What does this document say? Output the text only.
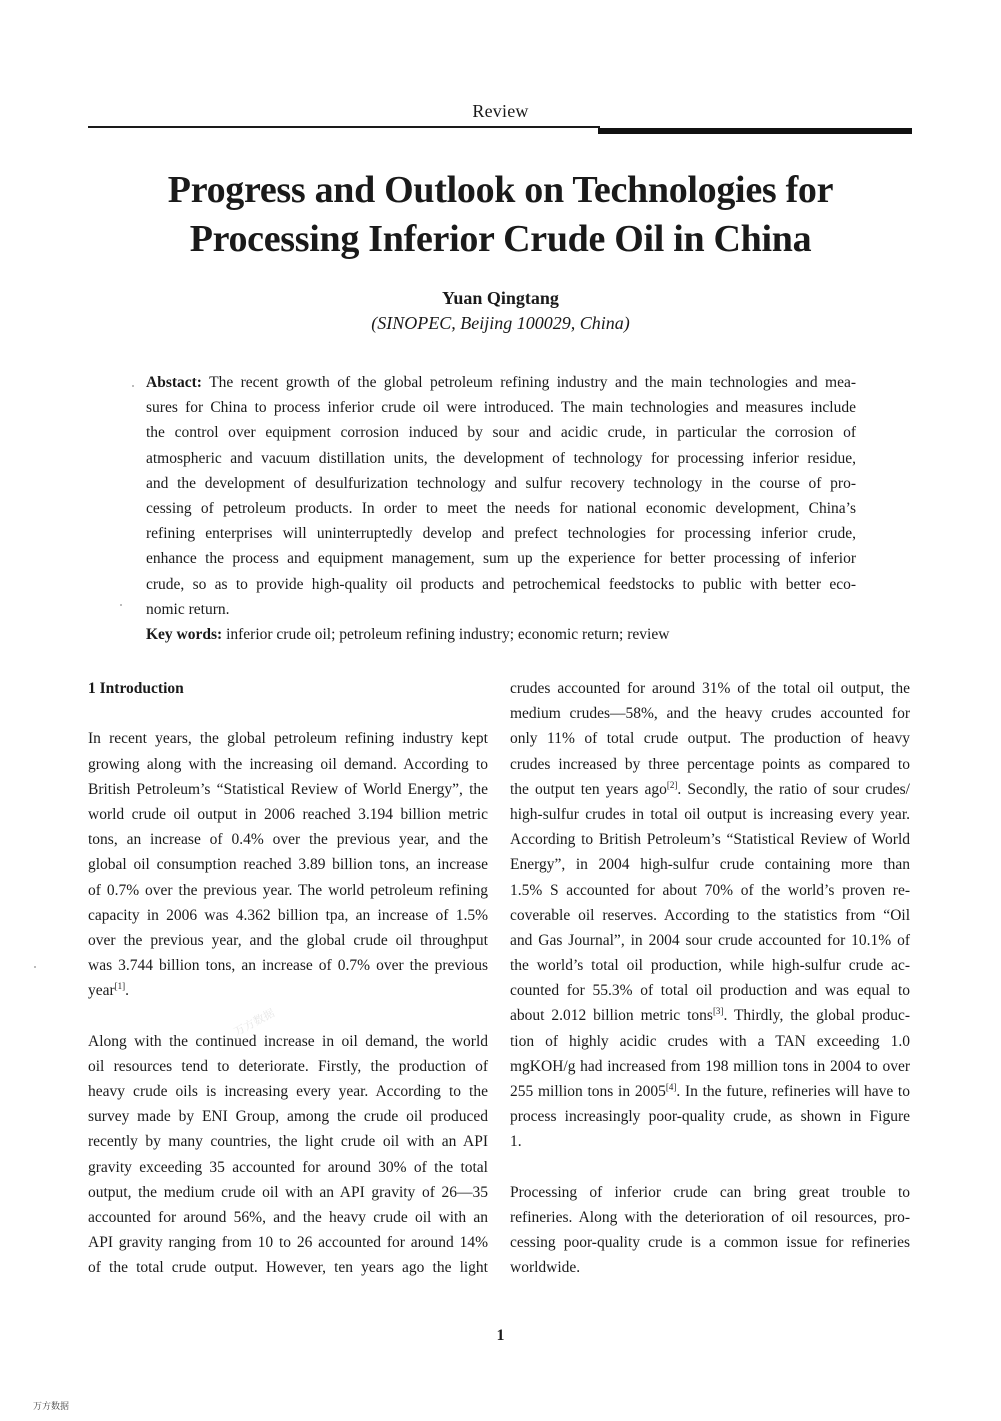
Review
Progress and Outlook on Technologies for
Processing Inferior Crude Oil in China
Yuan Qingtang
(SINOPEC, Beijing 100029, China)
Abstact: The recent growth of the global petroleum refining industry and the main technologies and mea-
sures for China to process inferior crude oil were introduced. The main technologies and measures include
the control over equipment corrosion induced by sour and acidic crude, in particular the corrosion of
atmospheric and vacuum distillation units, the development of technology for processing inferior residue,
and the development of desulfurization technology and sulfur recovery technology in the course of pro-
cessing of petroleum products. In order to meet the needs for national economic development, China’s
refining enterprises will uninterruptedly develop and prefect technologies for processing inferior crude,
enhance the process and equipment management, sum up the experience for better processing of inferior
crude, so as to provide high-quality oil products and petrochemical feedstocks to public with better eco-
nomic return.
Key words: inferior crude oil; petroleum refining industry; economic return; review
1 Introduction
In recent years, the global petroleum refining industry kept
growing along with the increasing oil demand. According to
British Petroleum’s “Statistical Review of World Energy”, the
world crude oil output in 2006 reached 3.194 billion metric
tons, an increase of 0.4% over the previous year, and the
global oil consumption reached 3.89 billion tons, an increase
of 0.7% over the previous year. The world petroleum refining
capacity in 2006 was 4.362 billion tpa, an increase of 1.5%
over the previous year, and the global crude oil throughput
was 3.744 billion tons, an increase of 0.7% over the previous
year[1].
Along with the continued increase in oil demand, the world
oil resources tend to deteriorate. Firstly, the production of
heavy crude oils is increasing every year. According to the
survey made by ENI Group, among the crude oil produced
recently by many countries, the light crude oil with an API
gravity exceeding 35 accounted for around 30% of the total
output, the medium crude oil with an API gravity of 26—35
accounted for around 56%, and the heavy crude oil with an
API gravity ranging from 10 to 26 accounted for around 14%
of the total crude output. However, ten years ago the light
万方数据
crudes accounted for around 31% of the total oil output, the
medium crudes—58%, and the heavy crudes accounted for
only 11% of total crude output. The production of heavy
crudes increased by three percentage points as compared to
the output ten years ago[2]. Secondly, the ratio of sour crudes/
high-sulfur crudes in total oil output is increasing every year.
According to British Petroleum’s “Statistical Review of World
Energy”, in 2004 high-sulfur crude containing more than
1.5% S accounted for about 70% of the world’s proven re-
coverable oil reserves. According to the statistics from “Oil
and Gas Journal”, in 2004 sour crude accounted for 10.1% of
the world’s total oil production, while high-sulfur crude ac-
counted for 55.3% of total oil production and was equal to
about 2.012 billion metric tons[3]. Thirdly, the global produc-
tion of highly acidic crudes with a TAN exceeding 1.0
mgKOH/g had increased from 198 million tons in 2004 to over
255 million tons in 2005[4]. In the future, refineries will have to
process increasingly poor-quality crude, as shown in Figure
1.
Processing of inferior crude can bring great trouble to
refineries. Along with the deterioration of oil resources, pro-
cessing poor-quality crude is a common issue for refineries
worldwide.
1
万方数据
